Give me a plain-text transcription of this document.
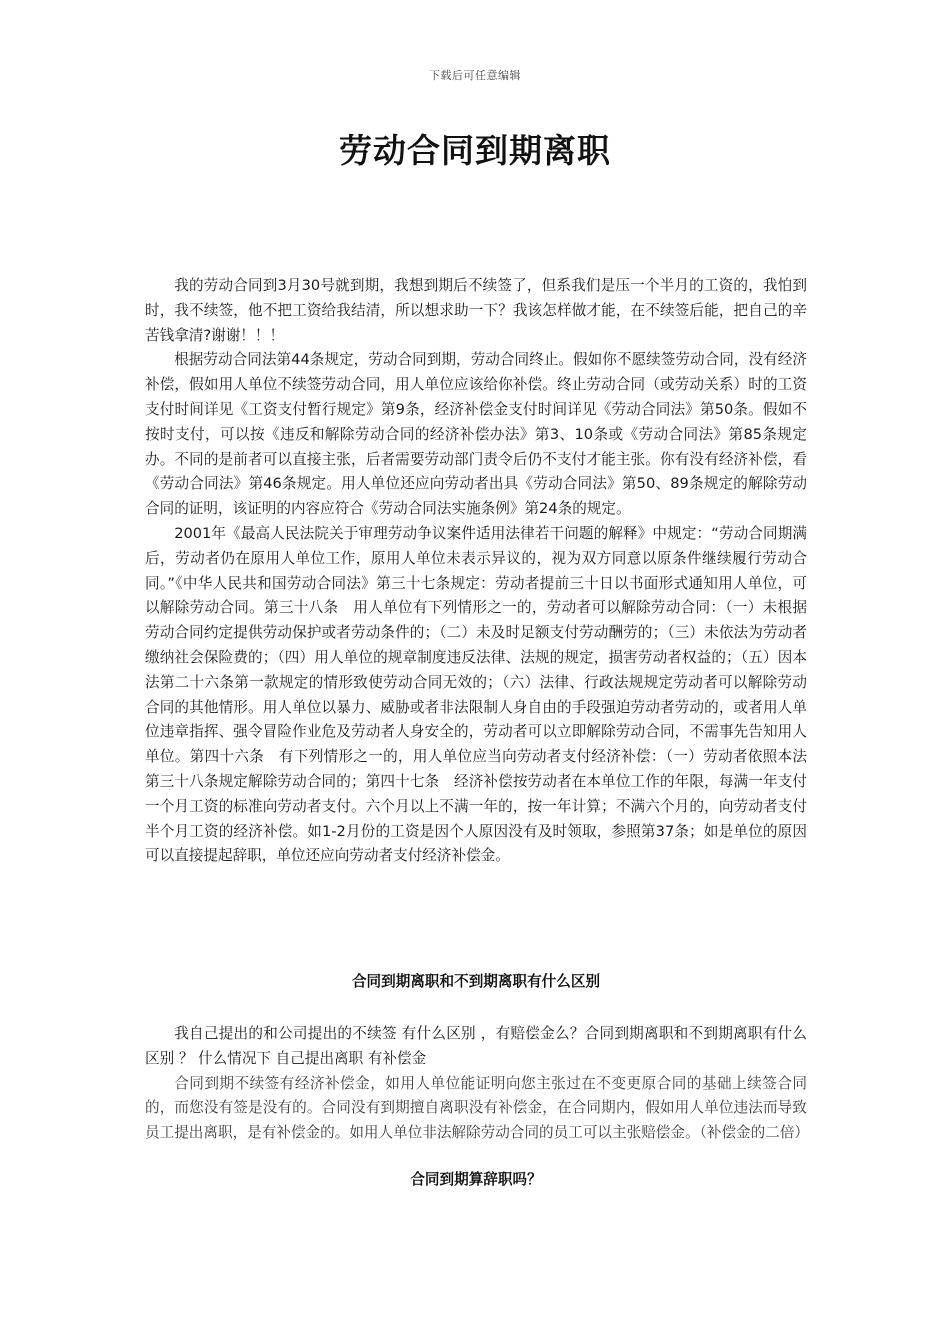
下载后可任意编辑
劳动合同到期离职

我的劳动合同到3月30号就到期，我想到期后不续签了，但系我们是压一个半月的工资的，我怕到时，我不续签，他不把工资给我结清，所以想求助一下？我该怎样做才能，在不续签后能，把自己的辛苦钱拿清?谢谢！！！

根据劳动合同法第44条规定，劳动合同到期，劳动合同终止。假如你不愿续签劳动合同，没有经济补偿，假如用人单位不续签劳动合同，用人单位应该给你补偿。终止劳动合同（或劳动关系）时的工资支付时间详见《工资支付暂行规定》第9条，经济补偿金支付时间详见《劳动合同法》第50条。假如不按时支付，可以按《违反和解除劳动合同的经济补偿办法》第3、10条或《劳动合同法》第85条规定办。不同的是前者可以直接主张，后者需要劳动部门责令后仍不支付才能主张。你有没有经济补偿，看《劳动合同法》第46条规定。用人单位还应向劳动者出具《劳动合同法》第50、89条规定的解除劳动合同的证明，该证明的内容应符合《劳动合同法实施条例》第24条的规定。

2001年《最高人民法院关于审理劳动争议案件适用法律若干问题的解释》中规定：“劳动合同期满后，劳动者仍在原用人单位工作，原用人单位未表示异议的，视为双方同意以原条件继续履行劳动合同。”《中华人民共和国劳动合同法》第三十七条规定：劳动者提前三十日以书面形式通知用人单位，可以解除劳动合同。第三十八条　用人单位有下列情形之一的，劳动者可以解除劳动合同：（一）未根据劳动合同约定提供劳动保护或者劳动条件的；（二）未及时足额支付劳动酬劳的；（三）未依法为劳动者缴纳社会保险费的；（四）用人单位的规章制度违反法律、法规的规定，损害劳动者权益的；（五）因本法第二十六条第一款规定的情形致使劳动合同无效的；（六）法律、行政法规规定劳动者可以解除劳动合同的其他情形。用人单位以暴力、威胁或者非法限制人身自由的手段强迫劳动者劳动的，或者用人单位违章指挥、强令冒险作业危及劳动者人身安全的，劳动者可以立即解除劳动合同，不需事先告知用人单位。第四十六条　有下列情形之一的，用人单位应当向劳动者支付经济补偿：（一）劳动者依照本法第三十八条规定解除劳动合同的；第四十七条　经济补偿按劳动者在本单位工作的年限，每满一年支付一个月工资的标准向劳动者支付。六个月以上不满一年的，按一年计算；不满六个月的，向劳动者支付半个月工资的经济补偿。如1-2月份的工资是因个人原因没有及时领取，参照第37条；如是单位的原因可以直接提起辞职，单位还应向劳动者支付经济补偿金。

合同到期离职和不到期离职有什么区别

我自己提出的和公司提出的不续签 有什么区别 ，有赔偿金么？合同到期离职和不到期离职有什么区别 ？ 什么情况下 自己提出离职 有补偿金

合同到期不续签有经济补偿金，如用人单位能证明向您主张过在不变更原合同的基础上续签合同的，而您没有签是没有的。合同没有到期擅自离职没有补偿金，在合同期内，假如用人单位违法而导致员工提出离职，是有补偿金的。如用人单位非法解除劳动合同的员工可以主张赔偿金。（补偿金的二倍）

合同到期算辞职吗？
